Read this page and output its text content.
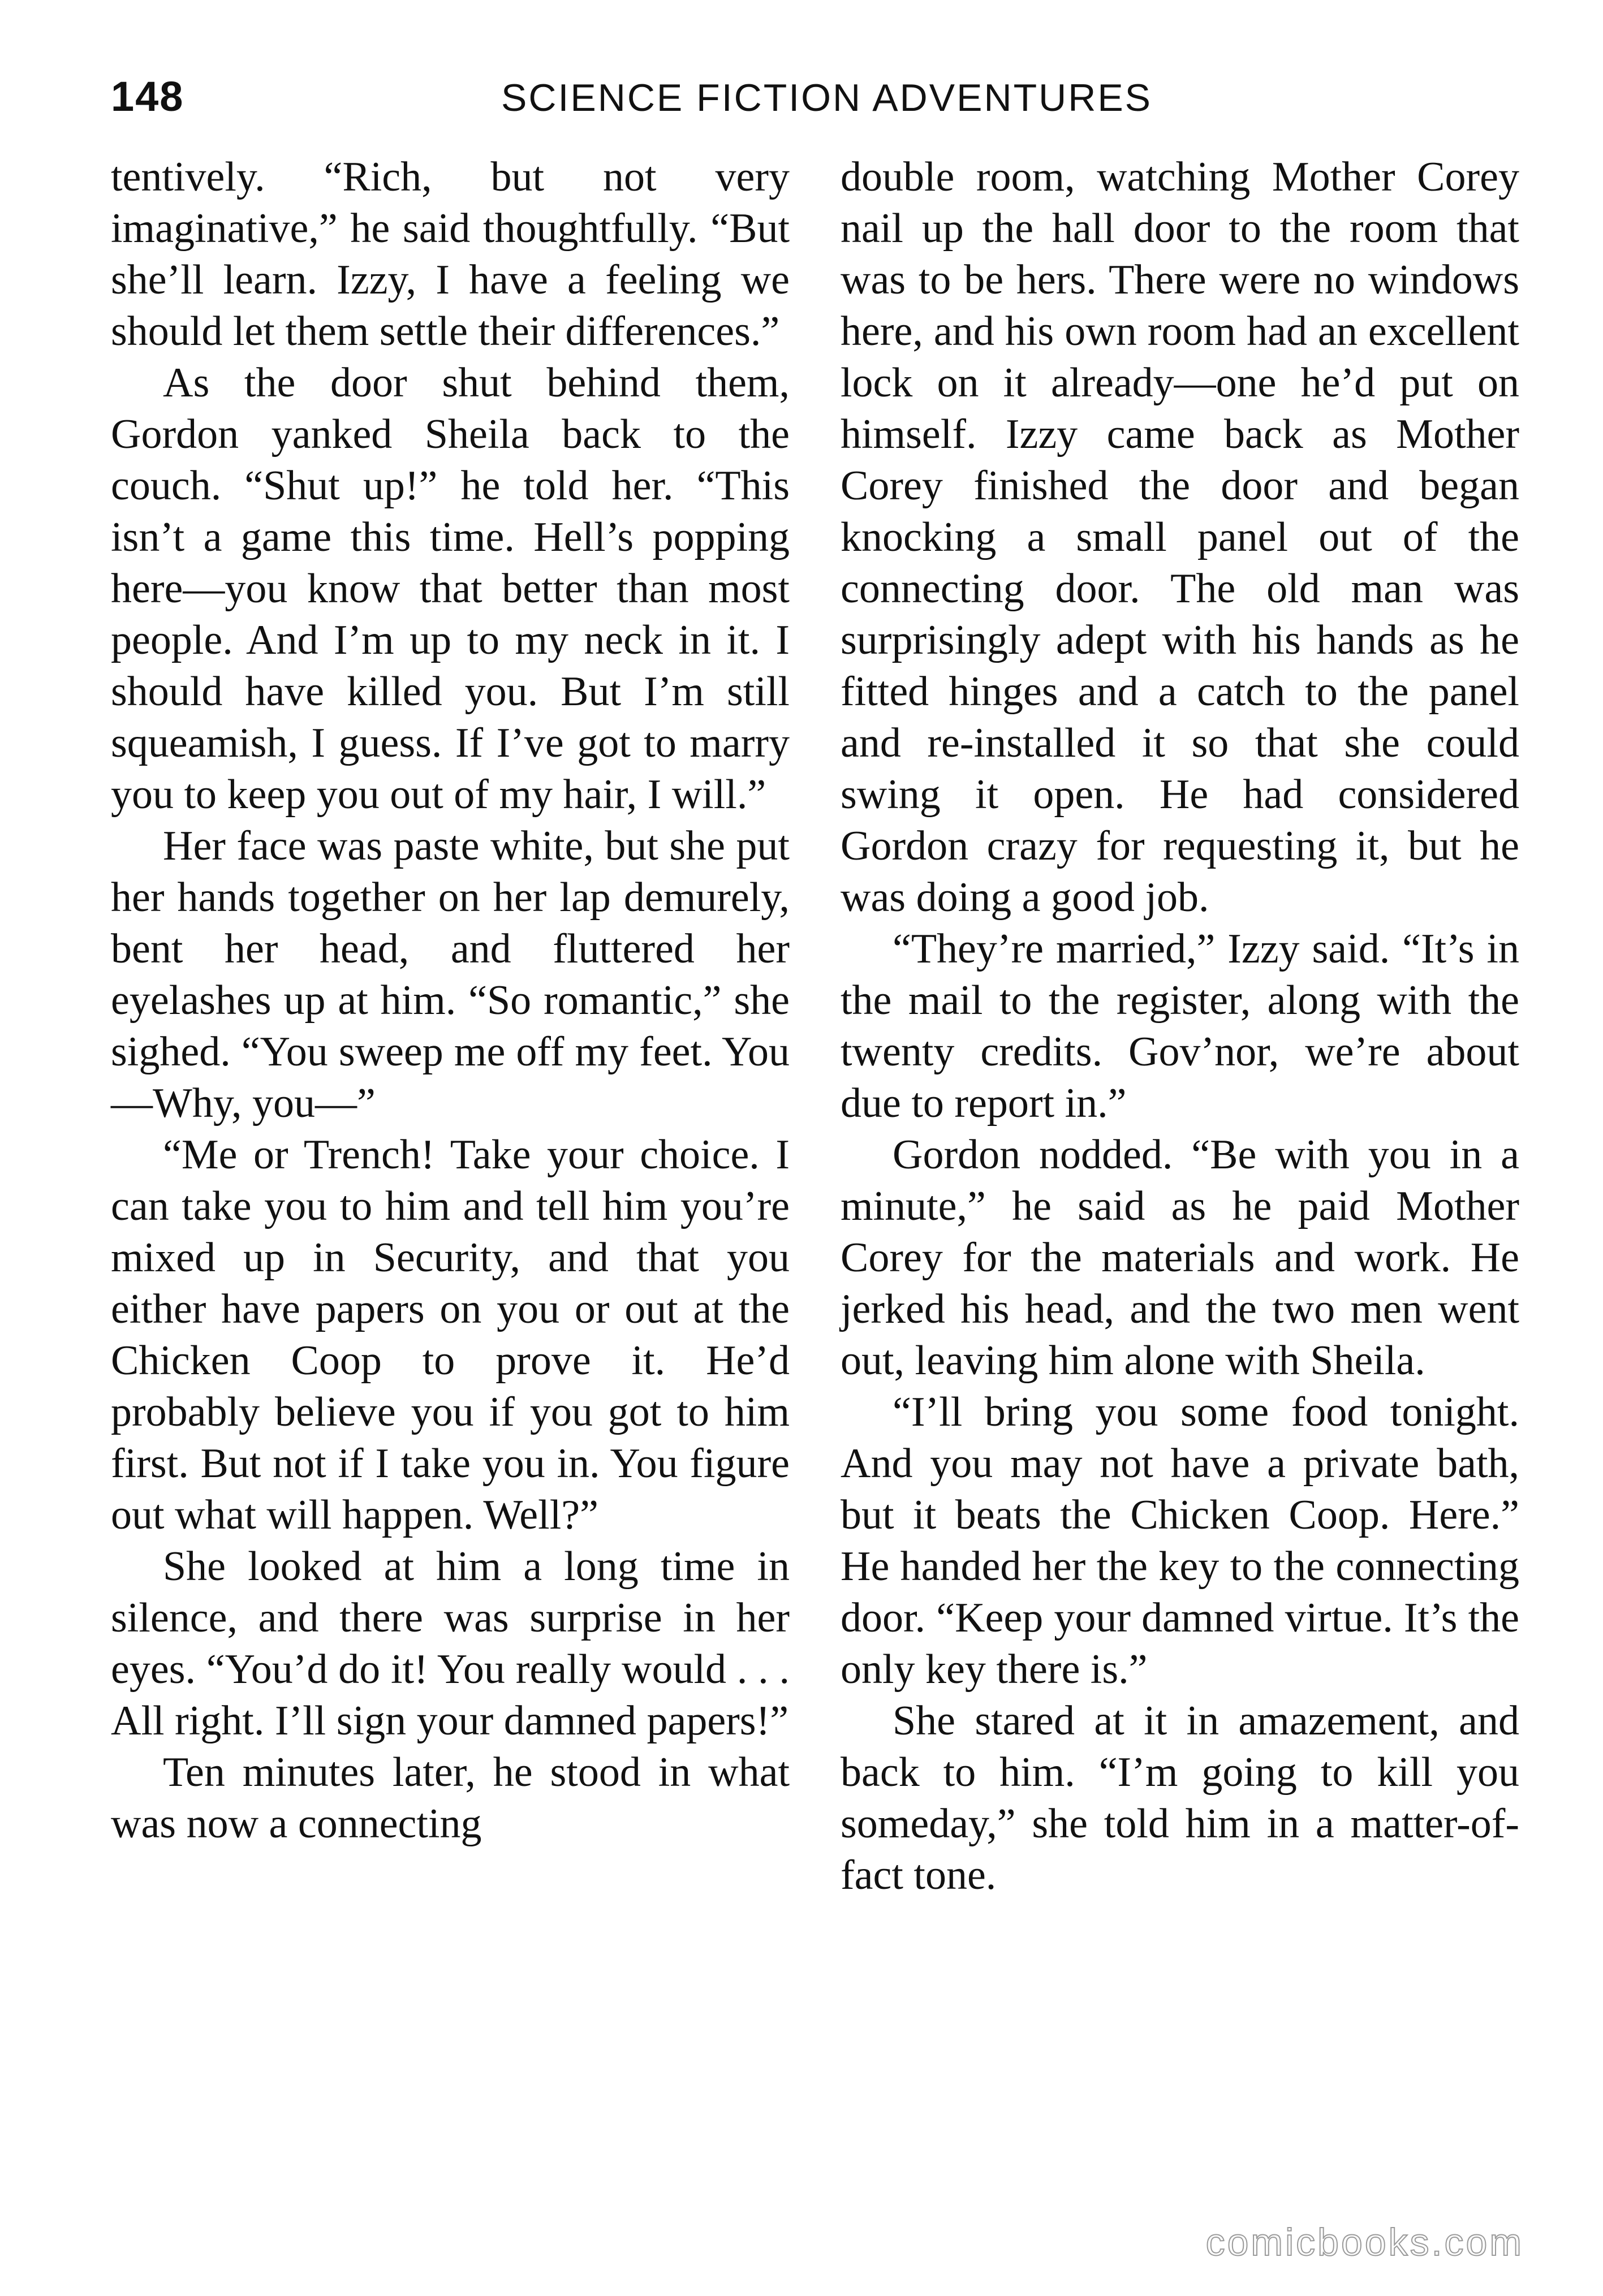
148	SCIENCE FICTION ADVENTURES

tentively. “Rich, but not very imaginative,” he said thoughtfully. “But she’ll learn. Izzy, I have a feeling we should let them settle their differences.”

As the door shut behind them, Gordon yanked Sheila back to the couch. “Shut up!” he told her. “This isn’t a game this time. Hell’s popping here—you know that better than most people. And I’m up to my neck in it. I should have killed you. But I’m still squeamish, I guess. If I’ve got to marry you to keep you out of my hair, I will.”

Her face was paste white, but she put her hands together on her lap demurely, bent her head, and fluttered her eyelashes up at him. “So romantic,” she sighed. “You sweep me off my feet. You—Why, you—”

“Me or Trench! Take your choice. I can take you to him and tell him you’re mixed up in Security, and that you either have papers on you or out at the Chicken Coop to prove it. He’d probably believe you if you got to him first. But not if I take you in. You figure out what will happen. Well?”

She looked at him a long time in silence, and there was surprise in her eyes. “You’d do it! You really would . . . All right. I’ll sign your damned papers!”

Ten minutes later, he stood in what was now a connecting

double room, watching Mother Corey nail up the hall door to the room that was to be hers. There were no windows here, and his own room had an excellent lock on it already—one he’d put on himself. Izzy came back as Mother Corey finished the door and began knocking a small panel out of the connecting door. The old man was surprisingly adept with his hands as he fitted hinges and a catch to the panel and re-installed it so that she could swing it open. He had considered Gordon crazy for requesting it, but he was doing a good job.

“They’re married,” Izzy said. “It’s in the mail to the register, along with the twenty credits. Gov’nor, we’re about due to report in.”

Gordon nodded. “Be with you in a minute,” he said as he paid Mother Corey for the materials and work. He jerked his head, and the two men went out, leaving him alone with Sheila.

“I’ll bring you some food tonight. And you may not have a private bath, but it beats the Chicken Coop. Here.” He handed her the key to the connecting door. “Keep your damned virtue. It’s the only key there is.”

She stared at it in amazement, and back to him. “I’m going to kill you someday,” she told him in a matter-of-fact tone.

comicbooks.com
